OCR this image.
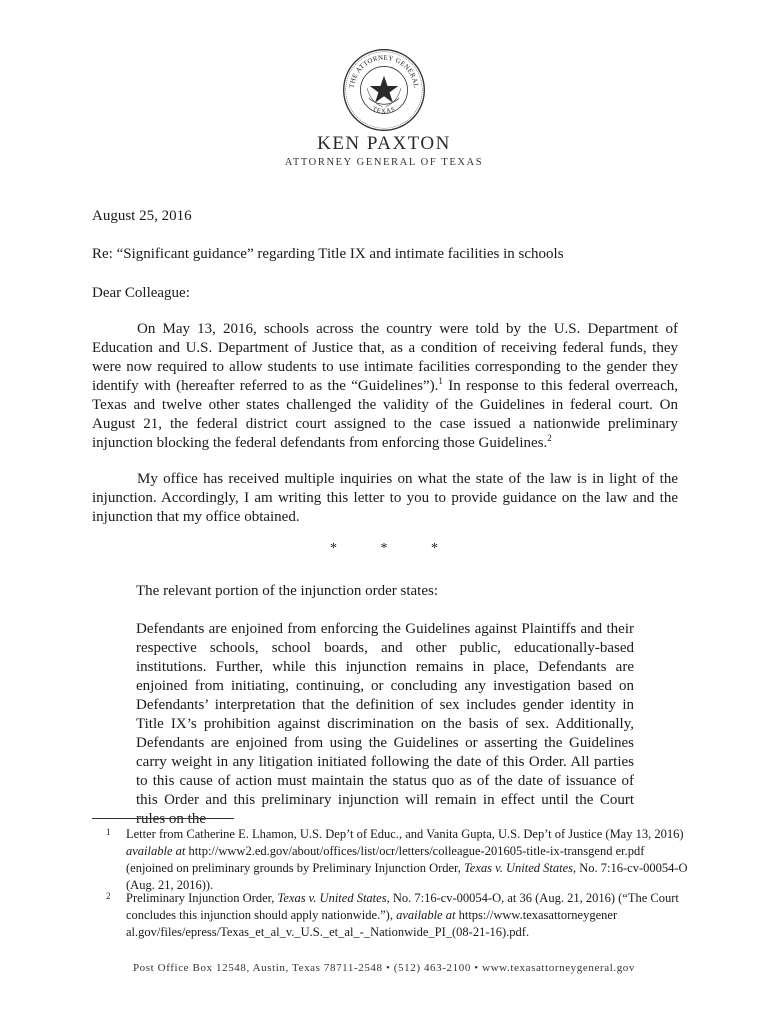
THE ATTORNEY GENERAL
TEXAS
KEN PAXTON
ATTORNEY GENERAL OF TEXAS
August 25, 2016
Re: “Significant guidance” regarding Title IX and intimate facilities in schools
Dear Colleague:

On May 13, 2016, schools across the country were told by the U.S. Department of Education and U.S. Department of Justice that, as a condition of receiving federal funds, they were now required to allow students to use intimate facilities corresponding to the gender they identify with (hereafter referred to as the “Guidelines”).$^1$ In response to this federal overreach, Texas and twelve other states challenged the validity of the Guidelines in federal court. On August 21, the federal district court assigned to the case issued a nationwide preliminary injunction blocking the federal defendants from enforcing those Guidelines.$^2$

My office has received multiple inquiries on what the state of the law is in light of the injunction. Accordingly, I am writing this letter to you to provide guidance on the law and the injunction that my office obtained.

*	*	*
The relevant portion of the injunction order states:

Defendants are enjoined from enforcing the Guidelines against Plaintiffs and their respective schools, school boards, and other public, educationally-based institutions. Further, while this injunction remains in place, Defendants are enjoined from initiating, continuing, or concluding any investigation based on Defendants’ interpretation that the definition of sex includes gender identity in Title IX’s prohibition against discrimination on the basis of sex. Additionally, Defendants are enjoined from using the Guidelines or asserting the Guidelines carry weight in any litigation initiated following the date of this Order. All parties to this cause of action must maintain the status quo as of the date of issuance of this Order and this preliminary injunction will remain in effect until the Court rules on the

1 Letter from Catherine E. Lhamon, U.S. Dep’t of Educ., and Vanita Gupta, U.S. Dep’t of Justice (May 13, 2016) available at http://www2.ed.gov/about/offices/list/ocr/letters/colleague-201605-title-ix-transgend er.pdf (enjoined on preliminary grounds by Preliminary Injunction Order, Texas v. United States, No. 7:16-cv-00054-O (Aug. 21, 2016)).
2 Preliminary Injunction Order, Texas v. United States, No. 7:16-cv-00054-O, at 36 (Aug. 21, 2016) (“The Court concludes this injunction should apply nationwide.”), available at https://www.texasattorneygener al.gov/files/epress/Texas_et_al_v._U.S._et_al_-_Nationwide_PI_(08-21-16).pdf.
Post Office Box 12548, Austin, Texas 78711-2548 • (512) 463-2100 • www.texasattorneygeneral.gov
